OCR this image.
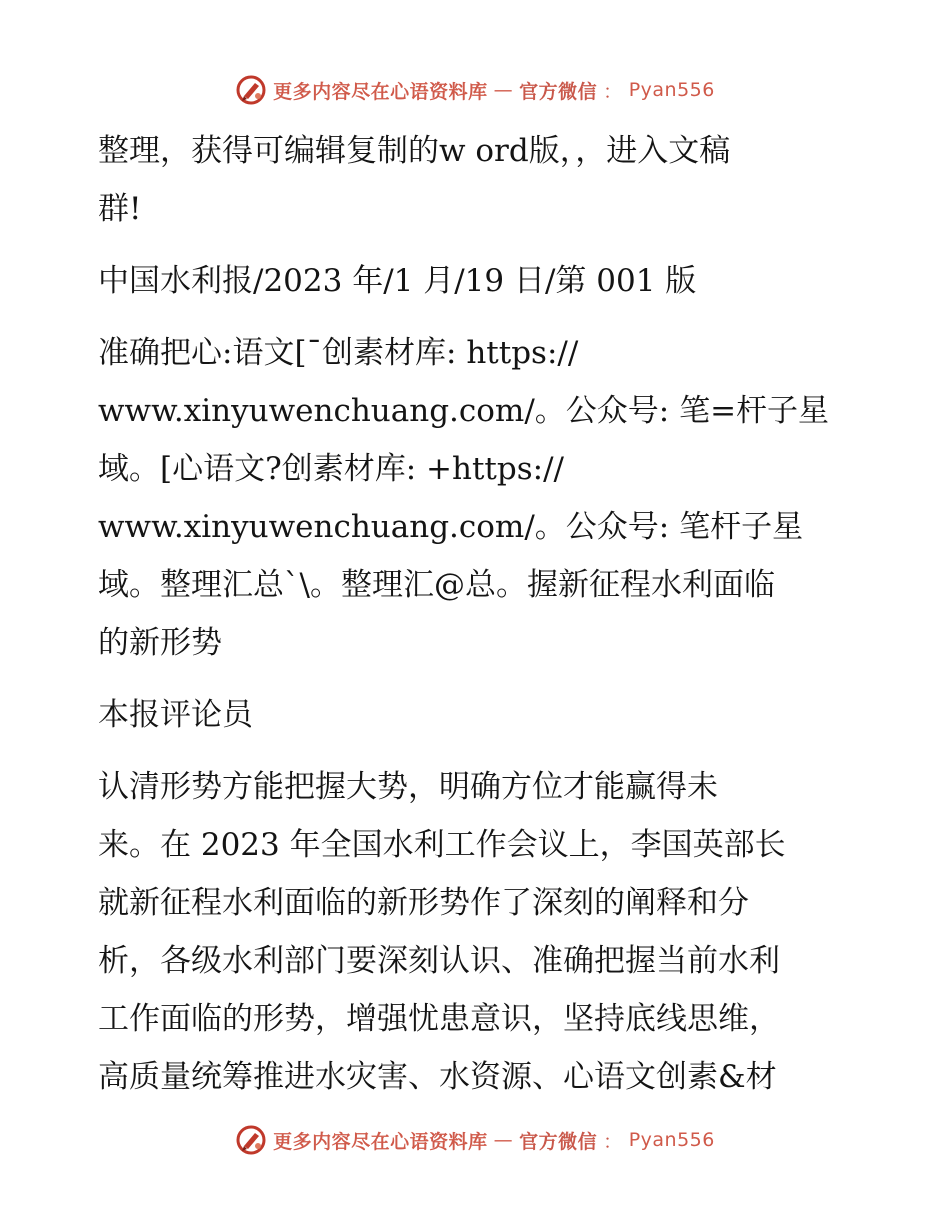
更多内容尽在心语资料库 — 官方微信 ： Pyan556

整理，获得可编辑复制的w ord版，，进入文稿
群!

中国水利报/2023 年/1 月/19 日/第 001 版

准确把心:语文[¯创素材库: https://
www.xinyuwenchuang.com/。公众号: 笔=杆子星
域。[心语文?创素材库: +https://
www.xinyuwenchuang.com/。公众号: 笔杆子星
域。整理汇总`\。整理汇@总。握新征程水利面临
的新形势

本报评论员

认清形势方能把握大势，明确方位才能赢得未
来。在 2023 年全国水利工作会议上，李国英部长
就新征程水利面临的新形势作了深刻的阐释和分
析，各级水利部门要深刻认识、准确把握当前水利
工作面临的形势，增强忧患意识，坚持底线思维，
高质量统筹推进水灾害、水资源、心语文创素&材

更多内容尽在心语资料库 — 官方微信 ： Pyan556
